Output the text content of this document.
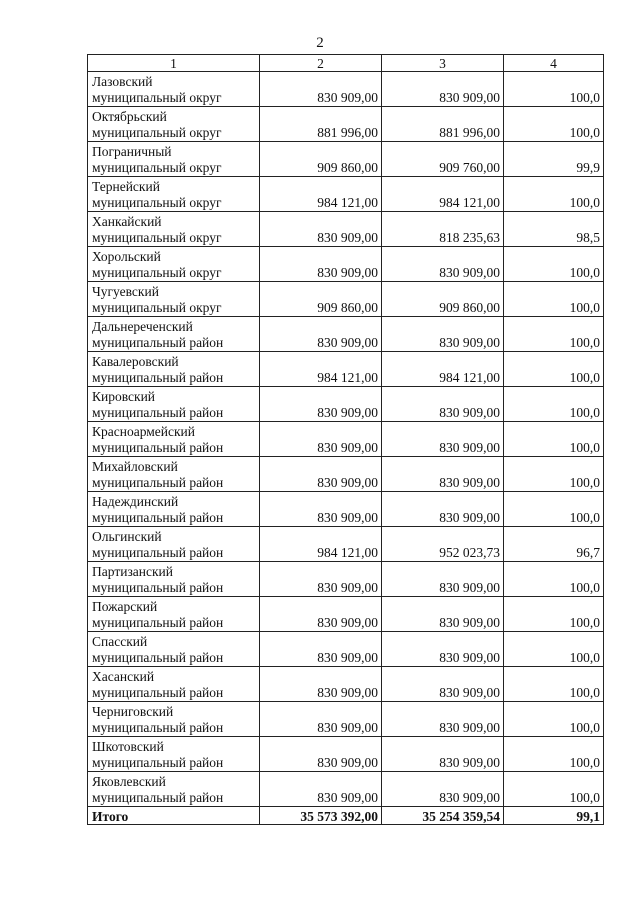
2
1	2	3	4

Лазовский
муниципальный округ	830 909,00	830 909,00	100,0

Октябрьский
муниципальный округ	881 996,00	881 996,00	100,0

Пограничный
муниципальный округ	909 860,00	909 760,00	99,9

Тернейский
муниципальный округ	984 121,00	984 121,00	100,0

Ханкайский
муниципальный округ	830 909,00	818 235,63	98,5

Хорольский
муниципальный округ	830 909,00	830 909,00	100,0

Чугуевский
муниципальный округ	909 860,00	909 860,00	100,0

Дальнереченский
муниципальный район	830 909,00	830 909,00	100,0

Кавалеровский
муниципальный район	984 121,00	984 121,00	100,0

Кировский
муниципальный район	830 909,00	830 909,00	100,0

Красноармейский
муниципальный район	830 909,00	830 909,00	100,0

Михайловский
муниципальный район	830 909,00	830 909,00	100,0

Надеждинский
муниципальный район	830 909,00	830 909,00	100,0

Ольгинский
муниципальный район	984 121,00	952 023,73	96,7

Партизанский
муниципальный район	830 909,00	830 909,00	100,0

Пожарский
муниципальный район	830 909,00	830 909,00	100,0

Спасский
муниципальный район	830 909,00	830 909,00	100,0

Хасанский
муниципальный район	830 909,00	830 909,00	100,0

Черниговский
муниципальный район	830 909,00	830 909,00	100,0

Шкотовский
муниципальный район	830 909,00	830 909,00	100,0

Яковлевский
муниципальный район	830 909,00	830 909,00	100,0
Итого	35 573 392,00	35 254 359,54	99,1
